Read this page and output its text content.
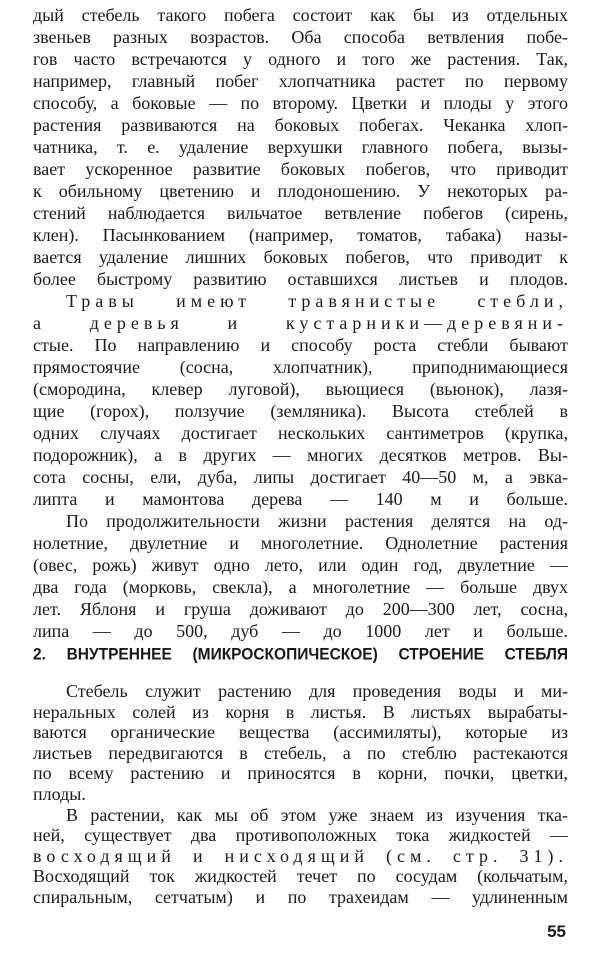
дый стебель такого побега состоит как бы из отдельных
звеньев разных возрастов. Оба способа ветвления побе-
гов часто встречаются у одного и того же растения. Так,
например, главный побег хлопчатника растет по первому
способу, а боковые — по второму. Цветки и плоды у этого
растения развиваются на боковых побегах. Чеканка хлоп-
чатника, т. е. удаление верхушки главного побега, вызы-
вает ускоренное развитие боковых побегов, что приводит
к обильному цветению и плодоношению. У некоторых ра-
стений наблюдается вильчатое ветвление побегов (сирень,
клен). Пасынкованием (например, томатов, табака) назы-
вается удаление лишних боковых побегов, что приводит к
более быстрому развитию оставшихся листьев и плодов.
Травы имеют травянистые стебли,
а деревья и кустарники—деревяни-
стые. По направлению и способу роста стебли бывают
прямостоячие (сосна, хлопчатник), приподнимающиеся
(смородина, клевер луговой), вьющиеся (вьюнок), лазя-
щие (горох), ползучие (земляника). Высота стеблей в
одних случаях достигает нескольких сантиметров (крупка,
подорожник), а в других — многих десятков метров. Вы-
сота сосны, ели, дуба, липы достигает 40—50 м, а эвка-
липта и мамонтова дерева — 140 м и больше.
По продолжительности жизни растения делятся на од-
нолетние, двулетние и многолетние. Однолетние растения
(овес, рожь) живут одно лето, или один год, двулетние —
два года (морковь, свекла), а многолетние — больше двух
лет. Яблоня и груша доживают до 200—300 лет, сосна,
липа — до 500, дуб — до 1000 лет и больше.
2. ВНУТРЕННЕЕ (МИКРОСКОПИЧЕСКОЕ) СТРОЕНИЕ СТЕБЛЯ
Стебель служит растению для проведения воды и ми-
неральных солей из корня в листья. В листьях вырабаты-
ваются органические вещества (ассимиляты), которые из
листьев передвигаются в стебель, а по стеблю растекаются
по всему растению и приносятся в корни, почки, цветки,
плоды.
В растении, как мы об этом уже знаем из изучения тка-
ней, существует два противоположных тока жидкостей —
восходящий и нисходящий (см. стр. 31).
Восходящий ток жидкостей течет по сосудам (кольчатым,
спиральным, сетчатым) и по трахеидам — удлиненным
55
